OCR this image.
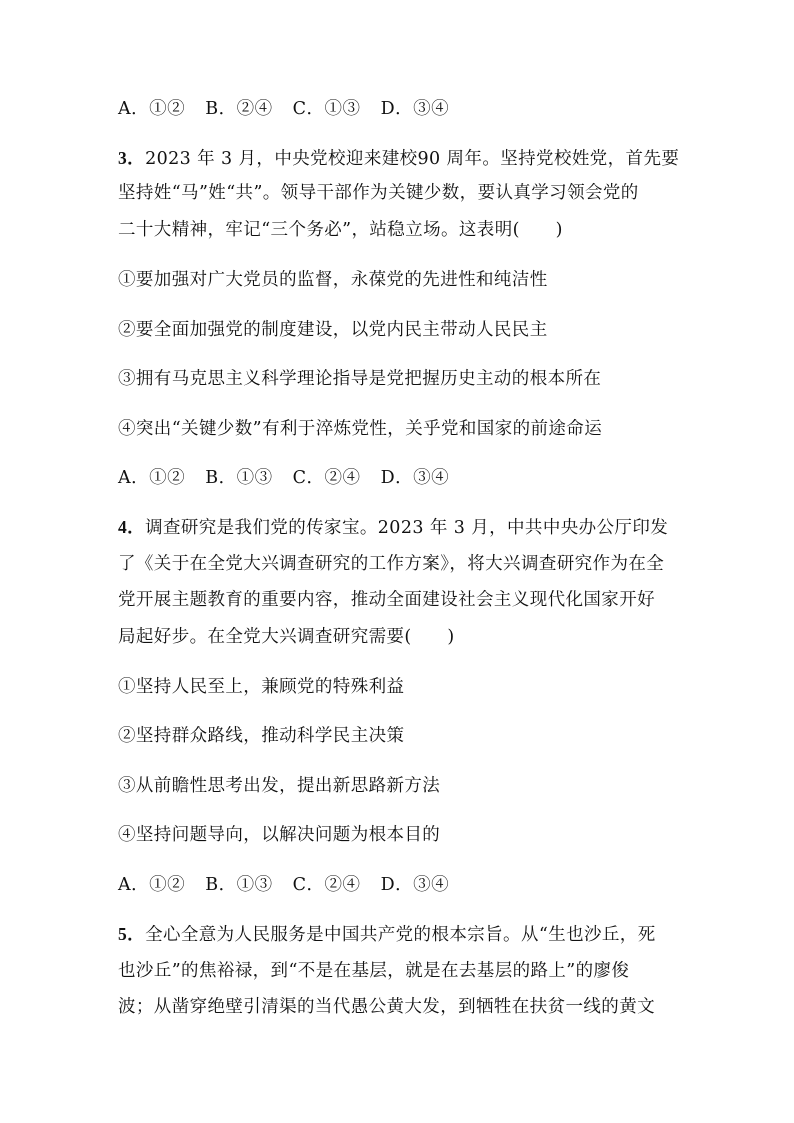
A．①② B．②④ C．①③ D．③④
3．2023 年 3 月，中央党校迎来建校90 周年。坚持党校姓党，首先要
坚持姓“马”姓“共”。领导干部作为关键少数，要认真学习领会党的
二十大精神，牢记“三个务必”，站稳立场。这表明(　　)
①要加强对广大党员的监督，永葆党的先进性和纯洁性
②要全面加强党的制度建设，以党内民主带动人民民主
③拥有马克思主义科学理论指导是党把握历史主动的根本所在
④突出“关键少数”有利于淬炼党性，关乎党和国家的前途命运
A．①② B．①③ C．②④ D．③④
4．调查研究是我们党的传家宝。2023 年 3 月，中共中央办公厅印发
了《关于在全党大兴调查研究的工作方案》，将大兴调查研究作为在全
党开展主题教育的重要内容，推动全面建设社会主义现代化国家开好
局起好步。在全党大兴调查研究需要(　　)
①坚持人民至上，兼顾党的特殊利益
②坚持群众路线，推动科学民主决策
③从前瞻性思考出发，提出新思路新方法
④坚持问题导向，以解决问题为根本目的
A．①② B．①③ C．②④ D．③④
5．全心全意为人民服务是中国共产党的根本宗旨。从“生也沙丘，死
也沙丘”的焦裕禄，到“不是在基层，就是在去基层的路上”的廖俊
波；从凿穿绝壁引清渠的当代愚公黄大发，到牺牲在扶贫一线的黄文
